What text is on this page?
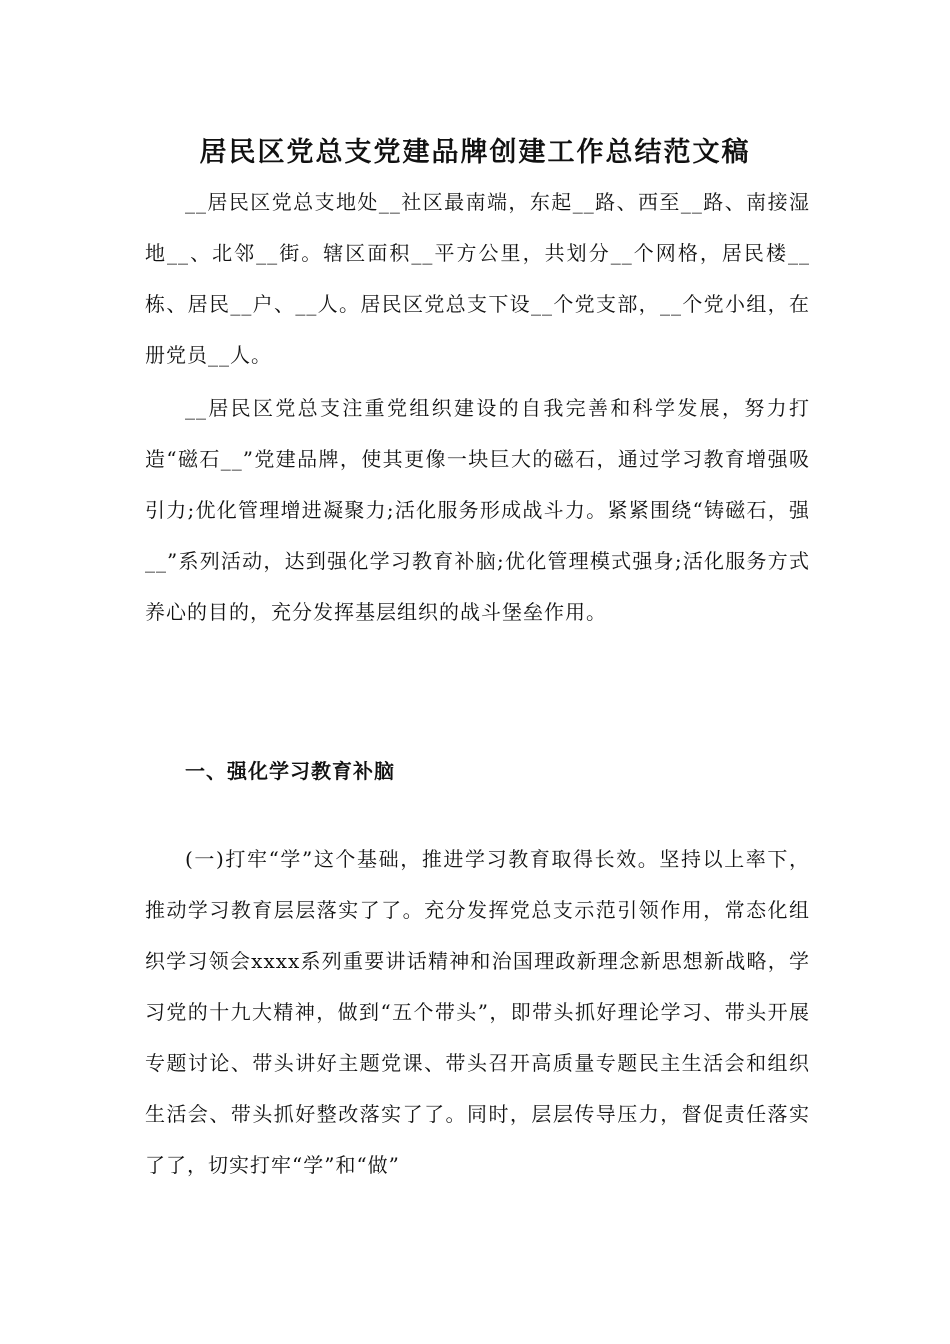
居民区党总支党建品牌创建工作总结范文稿

__居民区党总支地处__社区最南端，东起__路、西至__路、南接湿地__、北邻__街。辖区面积__平方公里，共划分__个网格，居民楼__栋、居民__户、__人。居民区党总支下设__个党支部，__个党小组，在册党员__人。

__居民区党总支注重党组织建设的自我完善和科学发展，努力打造“磁石__”党建品牌，使其更像一块巨大的磁石，通过学习教育增强吸引力;优化管理增进凝聚力;活化服务形成战斗力。紧紧围绕“铸磁石，强__”系列活动，达到强化学习教育补脑;优化管理模式强身;活化服务方式养心的目的，充分发挥基层组织的战斗堡垒作用。

一、强化学习教育补脑

(一)打牢“学”这个基础，推进学习教育取得长效。坚持以上率下，推动学习教育层层落实了了。充分发挥党总支示范引领作用，常态化组织学习领会xxxx系列重要讲话精神和治国理政新理念新思想新战略，学习党的十九大精神，做到“五个带头”，即带头抓好理论学习、带头开展专题讨论、带头讲好主题党课、带头召开高质量专题民主生活会和组织生活会、带头抓好整改落实了了。同时，层层传导压力，督促责任落实了了，切实打牢“学”和“做”
